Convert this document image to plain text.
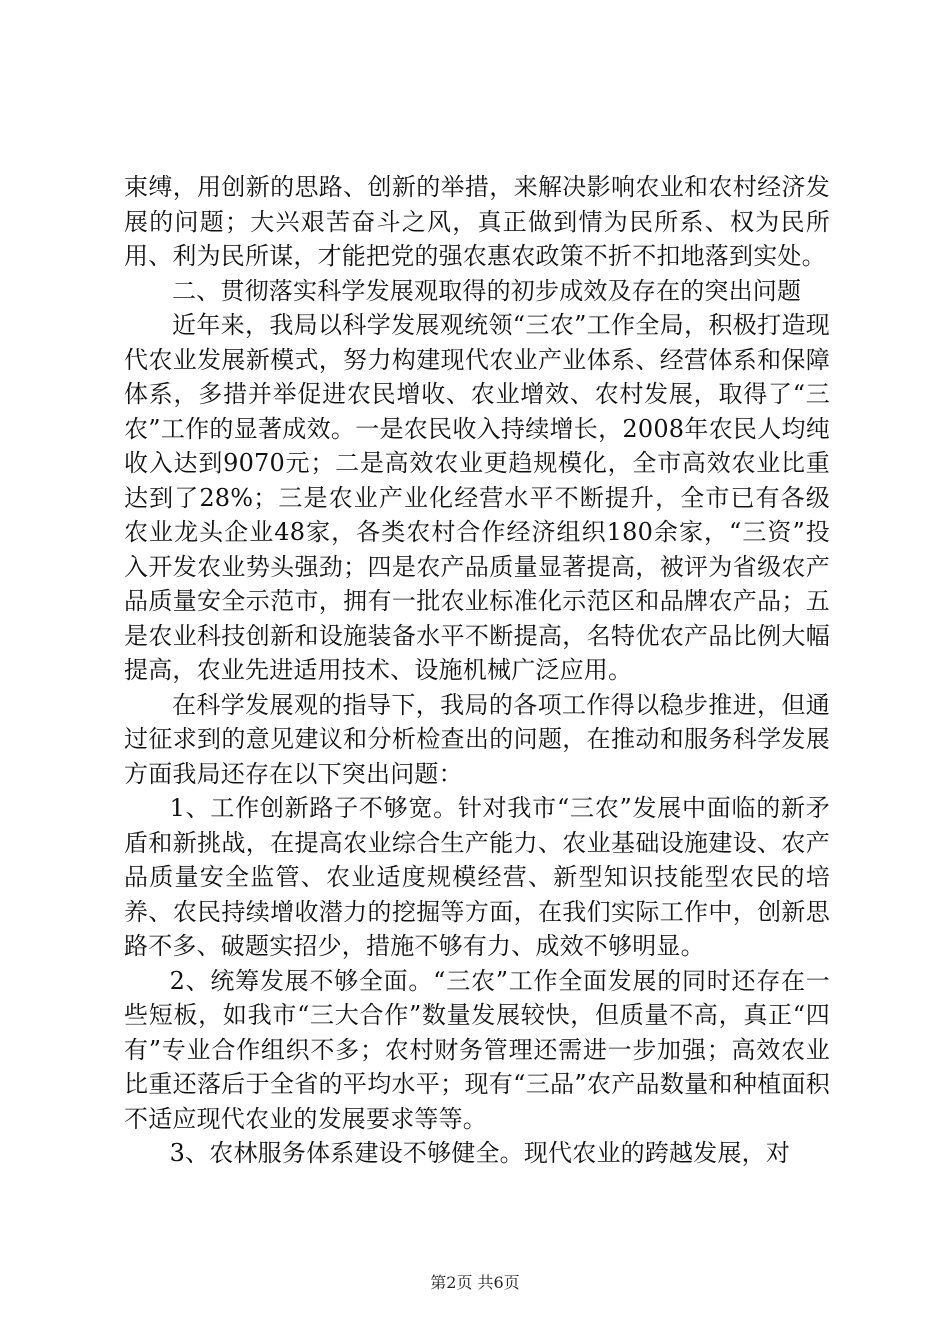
束缚，用创新的思路、创新的举措，来解决影响农业和农村经济发展的问题；大兴艰苦奋斗之风，真正做到情为民所系、权为民所用、利为民所谋，才能把党的强农惠农政策不折不扣地落到实处。

二、贯彻落实科学发展观取得的初步成效及存在的突出问题

近年来，我局以科学发展观统领“三农”工作全局，积极打造现代农业发展新模式，努力构建现代农业产业体系、经营体系和保障体系，多措并举促进农民增收、农业增效、农村发展，取得了“三农”工作的显著成效。一是农民收入持续增长，2008年农民人均纯收入达到9070元；二是高效农业更趋规模化，全市高效农业比重达到了28%；三是农业产业化经营水平不断提升，全市已有各级农业龙头企业48家，各类农村合作经济组织180余家，“三资”投入开发农业势头强劲；四是农产品质量显著提高，被评为省级农产品质量安全示范市，拥有一批农业标准化示范区和品牌农产品；五是农业科技创新和设施装备水平不断提高，名特优农产品比例大幅提高，农业先进适用技术、设施机械广泛应用。

在科学发展观的指导下，我局的各项工作得以稳步推进，但通过征求到的意见建议和分析检查出的问题，在推动和服务科学发展方面我局还存在以下突出问题：

1、工作创新路子不够宽。针对我市“三农”发展中面临的新矛盾和新挑战，在提高农业综合生产能力、农业基础设施建设、农产品质量安全监管、农业适度规模经营、新型知识技能型农民的培养、农民持续增收潜力的挖掘等方面，在我们实际工作中，创新思路不多、破题实招少，措施不够有力、成效不够明显。

2、统筹发展不够全面。“三农”工作全面发展的同时还存在一些短板，如我市“三大合作”数量发展较快，但质量不高，真正“四有”专业合作组织不多；农村财务管理还需进一步加强；高效农业比重还落后于全省的平均水平；现有“三品”农产品数量和种植面积不适应现代农业的发展要求等等。

3、农林服务体系建设不够健全。现代农业的跨越发展，对

第2页 共6页
